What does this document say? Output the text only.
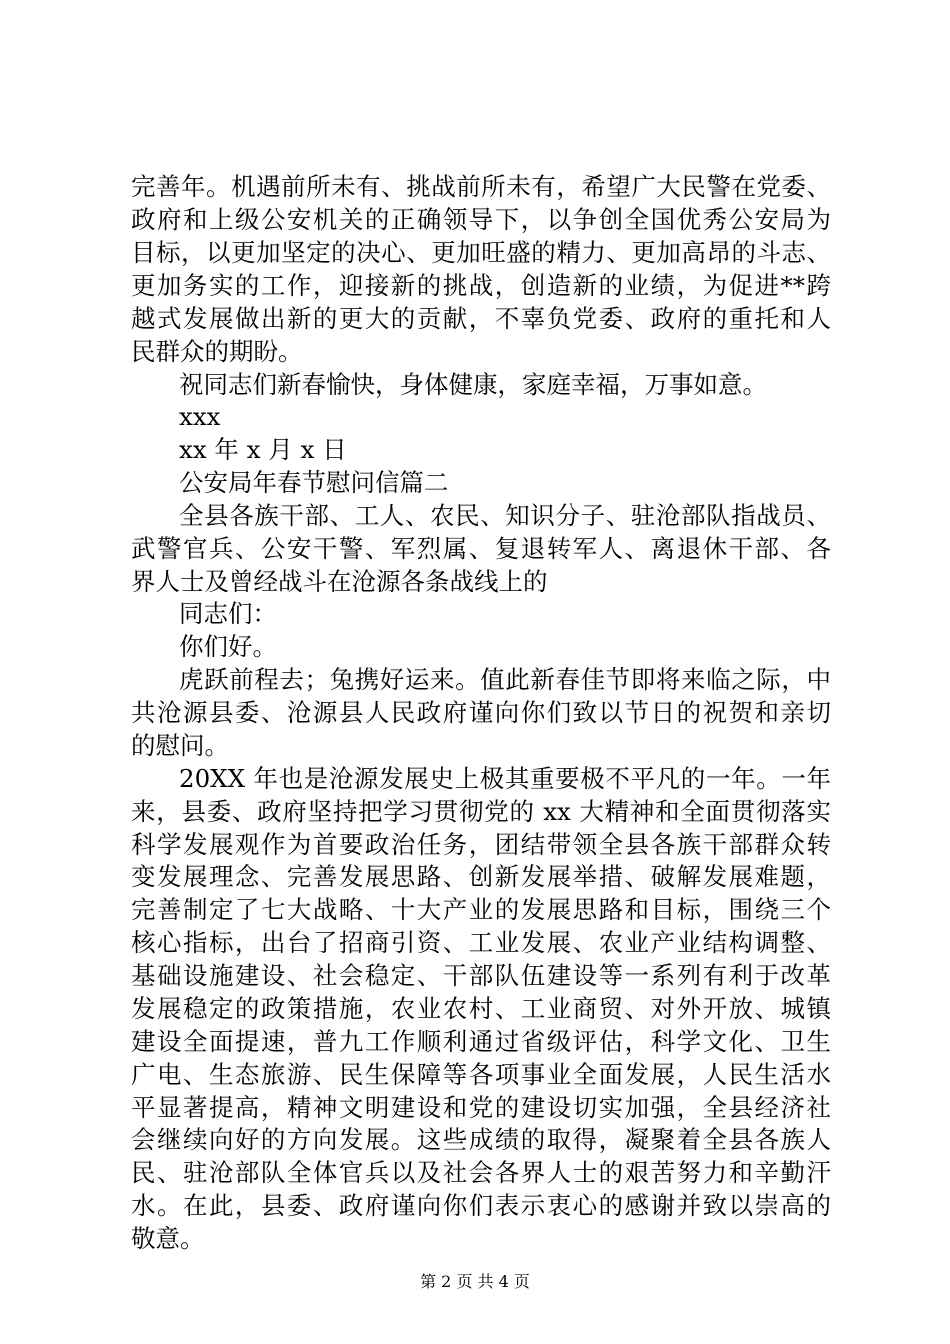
完善年。机遇前所未有、挑战前所未有，希望广大民警在党委、
政府和上级公安机关的正确领导下，以争创全国优秀公安局为
目标，以更加坚定的决心、更加旺盛的精力、更加高昂的斗志、
更加务实的工作，迎接新的挑战，创造新的业绩，为促进**跨
越式发展做出新的更大的贡献，不辜负党委、政府的重托和人
民群众的期盼。
祝同志们新春愉快，身体健康，家庭幸福，万事如意。
xxx
xx 年 x 月 x 日
公安局年春节慰问信篇二
全县各族干部、工人、农民、知识分子、驻沧部队指战员、
武警官兵、公安干警、军烈属、复退转军人、离退休干部、各
界人士及曾经战斗在沧源各条战线上的
同志们：
你们好。
虎跃前程去；兔携好运来。值此新春佳节即将来临之际，中
共沧源县委、沧源县人民政府谨向你们致以节日的祝贺和亲切
的慰问。
20XX 年也是沧源发展史上极其重要极不平凡的一年。一年
来，县委、政府坚持把学习贯彻党的 xx 大精神和全面贯彻落实
科学发展观作为首要政治任务，团结带领全县各族干部群众转
变发展理念、完善发展思路、创新发展举措、破解发展难题，
完善制定了七大战略、十大产业的发展思路和目标，围绕三个
核心指标，出台了招商引资、工业发展、农业产业结构调整、
基础设施建设、社会稳定、干部队伍建设等一系列有利于改革
发展稳定的政策措施，农业农村、工业商贸、对外开放、城镇
建设全面提速，普九工作顺利通过省级评估，科学文化、卫生
广电、生态旅游、民生保障等各项事业全面发展，人民生活水
平显著提高，精神文明建设和党的建设切实加强，全县经济社
会继续向好的方向发展。这些成绩的取得，凝聚着全县各族人
民、驻沧部队全体官兵以及社会各界人士的艰苦努力和辛勤汗
水。在此，县委、政府谨向你们表示衷心的感谢并致以崇高的
敬意。
第 2 页 共 4 页
